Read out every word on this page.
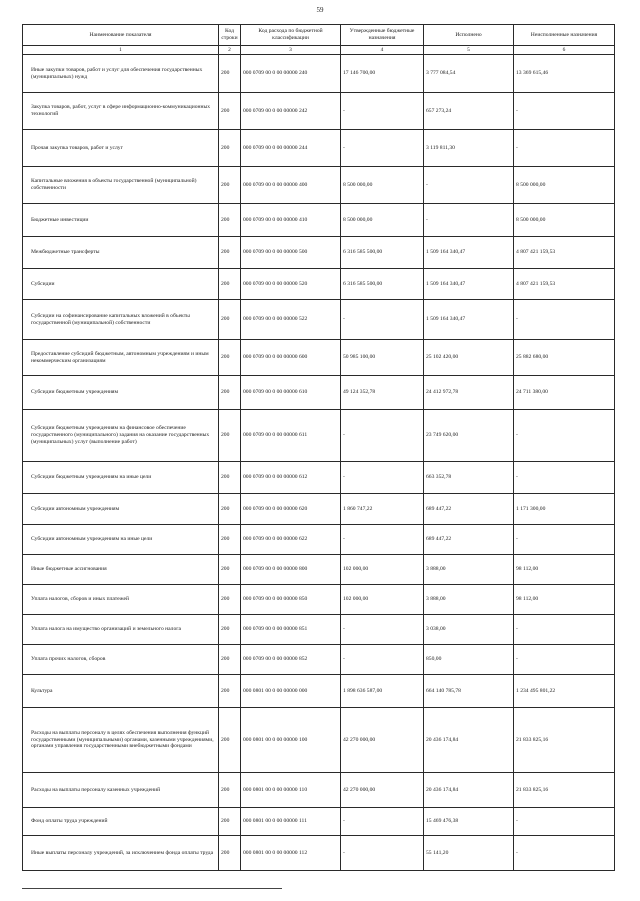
59
Наименование показателя	Код строки	Код расхода по бюджетной классификации	Утвержденные бюджетные назначения	Исполнено	Неисполненные назначения
1	2	3	4	5	6
Иные закупки товаров, работ и услуг для обеспечения государственных (муниципальных) нужд	200	000 0709 00 0 00 00000 240	17 146 700,00	3 777 084,54	13 369 615,46
Закупка товаров, работ, услуг в сфере информационно-коммуникационных технологий	200	000 0709 00 0 00 00000 242	-	657 273,24	-
Прочая закупка товаров, работ и услуг	200	000 0709 00 0 00 00000 244	-	3 119 811,30	-
Капитальные вложения в объекты государственной (муниципальной) собственности	200	000 0709 00 0 00 00000 400	8 500 000,00	-	8 500 000,00
Бюджетные инвестиции	200	000 0709 00 0 00 00000 410	8 500 000,00	-	8 500 000,00
Межбюджетные трансферты	200	000 0709 00 0 00 00000 500	6 316 585 500,00	1 509 164 340,47	4 807 421 159,53
Субсидии	200	000 0709 00 0 00 00000 520	6 316 585 500,00	1 509 164 340,47	4 807 421 159,53
Субсидии на софинансирование капитальных вложений в объекты государственной (муниципальной) собственности	200	000 0709 00 0 00 00000 522	-	1 509 164 340,47	-
Предоставление субсидий бюджетным, автономным учреждениям и иным некоммерческим организациям	200	000 0709 00 0 00 00000 600	50 985 100,00	25 102 420,00	25 882 680,00
Субсидии бюджетным учреждениям	200	000 0709 00 0 00 00000 610	49 124 352,78	24 412 972,78	24 711 380,00
Субсидии бюджетным учреждениям на финансовое обеспечение государственного (муниципального) задания на оказание государственных (муниципальных) услуг (выполнение работ)	200	000 0709 00 0 00 00000 611	-	23 749 620,00	-
Субсидии бюджетным учреждениям на иные цели	200	000 0709 00 0 00 00000 612	-	663 352,78	-
Субсидии автономным учреждениям	200	000 0709 00 0 00 00000 620	1 860 747,22	689 447,22	1 171 300,00
Субсидии автономным учреждениям на иные цели	200	000 0709 00 0 00 00000 622	-	689 447,22	-
Иные бюджетные ассигнования	200	000 0709 00 0 00 00000 800	102 000,00	3 888,00	98 112,00
Уплата налогов, сборов и иных платежей	200	000 0709 00 0 00 00000 850	102 000,00	3 888,00	98 112,00
Уплата налога на имущество организаций и земельного налога	200	000 0709 00 0 00 00000 851	-	3 038,00	-
Уплата прочих налогов, сборов	200	000 0709 00 0 00 00000 852	-	850,00	-
Культура	200	000 0801 00 0 00 00000 000	1 898 636 587,00	664 140 785,78	1 234 495 801,22
Расходы на выплаты персоналу в целях обеспечения выполнения функций государственными (муниципальными) органами, казенными учреждениями, органами управления государственными внебюджетными фондами	200	000 0801 00 0 00 00000 100	42 270 000,00	20 436 174,84	21 833 825,16
Расходы на выплаты персоналу казенных учреждений	200	000 0801 00 0 00 00000 110	42 270 000,00	20 436 174,84	21 833 825,16
Фонд оплаты труда учреждений	200	000 0801 00 0 00 00000 111	-	15 469 476,38	-
Иные выплаты персоналу учреждений, за исключением фонда оплаты труда	200	000 0801 00 0 00 00000 112	-	55 141,20	-
